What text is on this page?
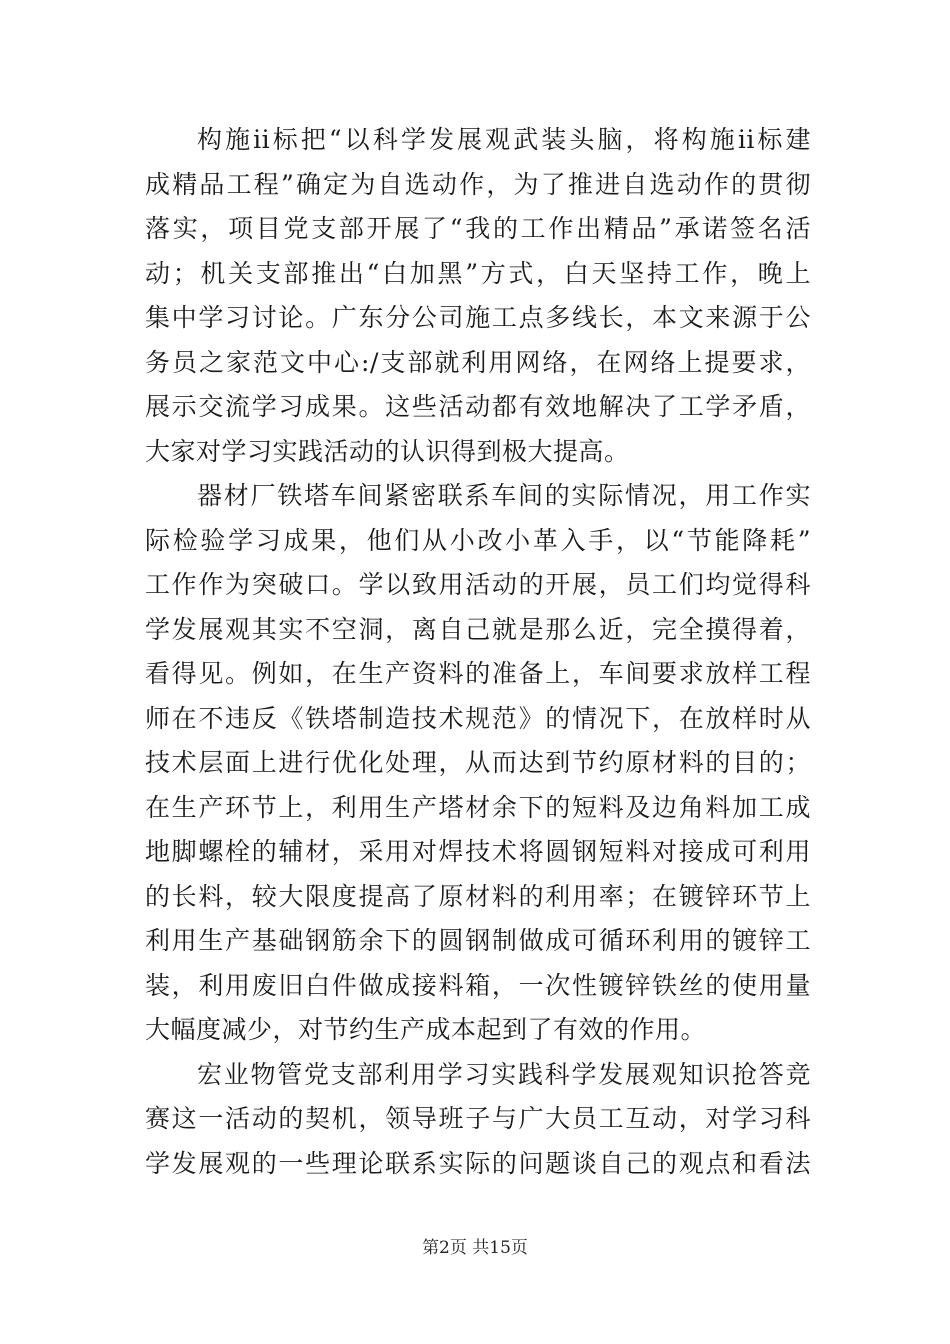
构施ii标把“以科学发展观武装头脑，将构施ii标建
成精品工程”确定为自选动作，为了推进自选动作的贯彻
落实，项目党支部开展了“我的工作出精品”承诺签名活
动；机关支部推出“白加黑”方式，白天坚持工作，晚上
集中学习讨论。广东分公司施工点多线长，本文来源于公
务员之家范文中心:/支部就利用网络，在网络上提要求，
展示交流学习成果。这些活动都有效地解决了工学矛盾，
大家对学习实践活动的认识得到极大提高。
器材厂铁塔车间紧密联系车间的实际情况，用工作实
际检验学习成果，他们从小改小革入手，以“节能降耗”
工作作为突破口。学以致用活动的开展，员工们均觉得科
学发展观其实不空洞，离自己就是那么近，完全摸得着，
看得见。例如，在生产资料的准备上，车间要求放样工程
师在不违反《铁塔制造技术规范》的情况下，在放样时从
技术层面上进行优化处理，从而达到节约原材料的目的；
在生产环节上，利用生产塔材余下的短料及边角料加工成
地脚螺栓的辅材，采用对焊技术将圆钢短料对接成可利用
的长料，较大限度提高了原材料的利用率；在镀锌环节上
利用生产基础钢筋余下的圆钢制做成可循环利用的镀锌工
装，利用废旧白件做成接料箱，一次性镀锌铁丝的使用量
大幅度减少，对节约生产成本起到了有效的作用。
宏业物管党支部利用学习实践科学发展观知识抢答竞
赛这一活动的契机，领导班子与广大员工互动，对学习科
学发展观的一些理论联系实际的问题谈自己的观点和看法
第2页 共15页
